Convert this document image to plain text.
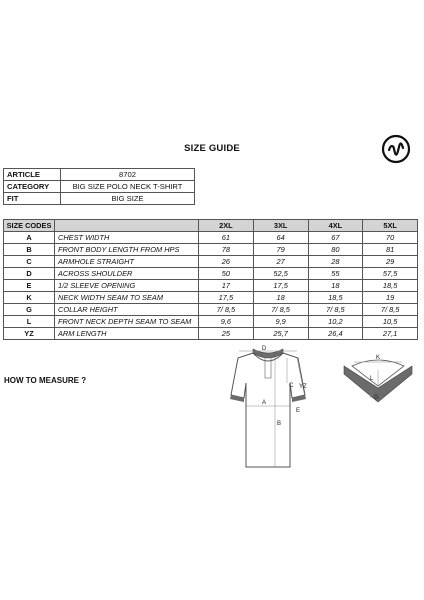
SIZE GUIDE
ARTICLE	8702
CATEGORY	BIG SIZE POLO NECK T-SHIRT
FIT	BIG SIZE
SIZE CODES		2XL	3XL	4XL	5XL
A	CHEST WIDTH	61	64	67	70
B	FRONT BODY LENGTH FROM HPS	78	79	80	81
C	ARMHOLE STRAIGHT	26	27	28	29
D	ACROSS SHOULDER	50	52,5	55	57,5
E	1/2 SLEEVE OPENING	17	17,5	18	18,5
K	NECK WIDTH SEAM TO SEAM	17,5	18	18,5	19
G	COLLAR HEIGHT	7/ 8,5	7/ 8,5	7/ 8,5	7/ 8,5
L	FRONT NECK DEPTH SEAM TO SEAM	9,6	9,9	10,2	10,5
YZ	ARM LENGTH	25	25,7	26,4	27,1
HOW TO MEASURE ?
D
C YZ
A
E
B
K
L
G
